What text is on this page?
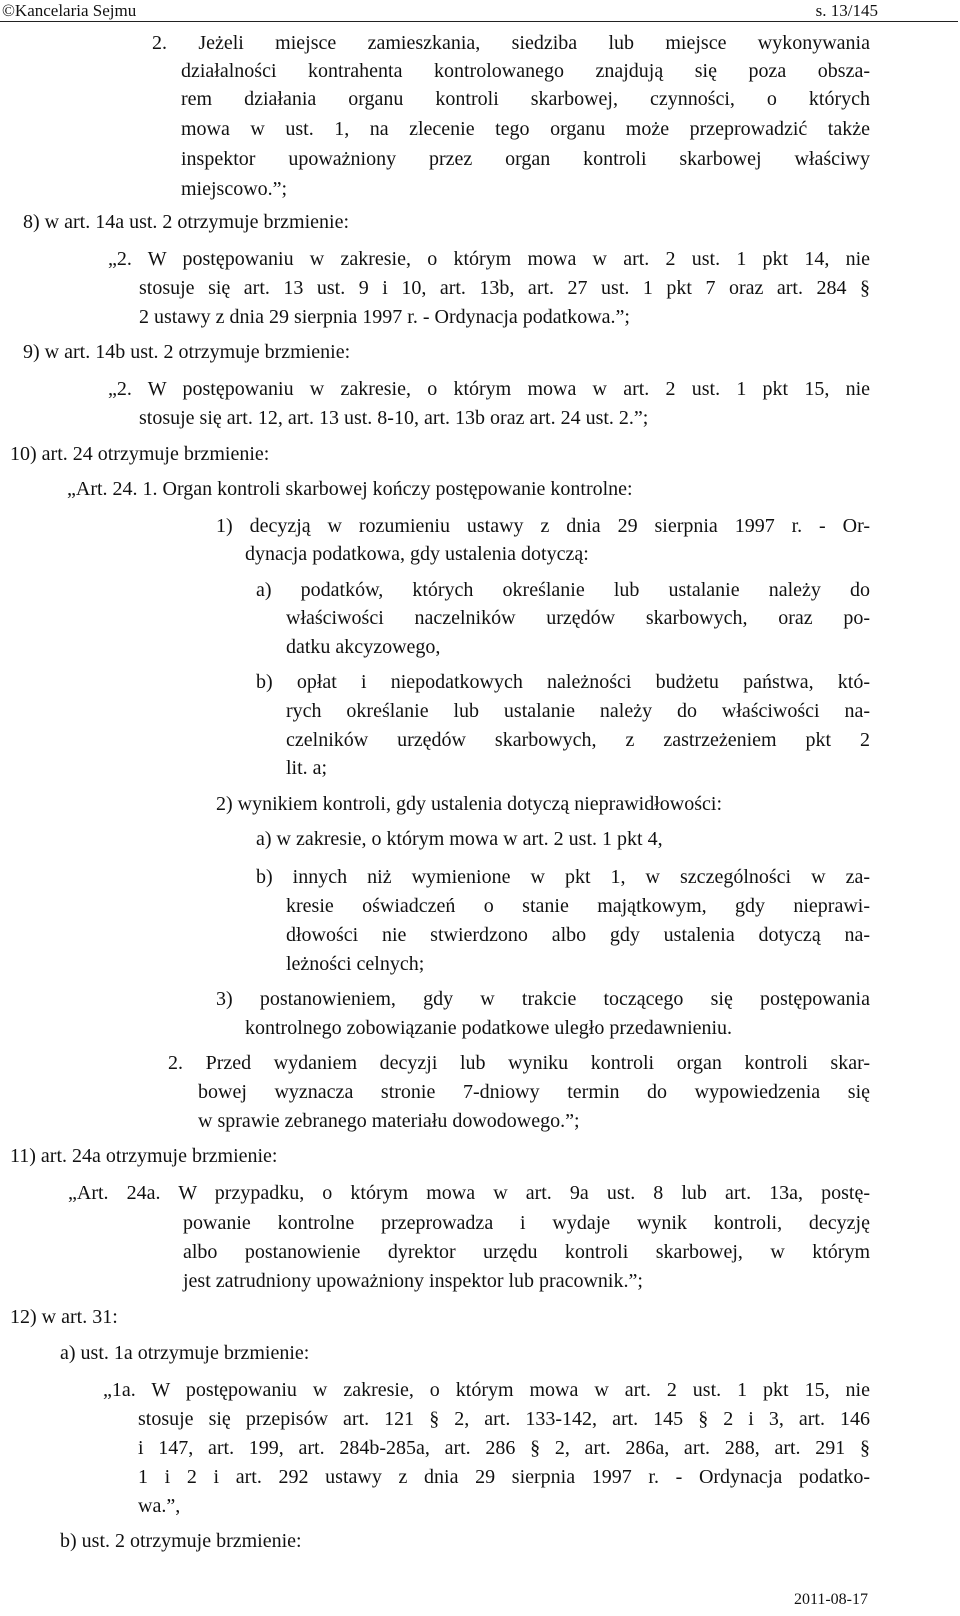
©Kancelaria Sejmu	s. 13/145
2. Jeżeli miejsce zamieszkania, siedziba lub miejsce wykonywania
działalności kontrahenta kontrolowanego znajdują się poza obsza-
rem działania organu kontroli skarbowej, czynności, o których
mowa w ust. 1, na zlecenie tego organu może przeprowadzić także
inspektor upoważniony przez organ kontroli skarbowej właściwy
miejscowo.”;
8) w art. 14a ust. 2 otrzymuje brzmienie:
„2. W postępowaniu w zakresie, o którym mowa w art. 2 ust. 1 pkt 14, nie
stosuje się art. 13 ust. 9 i 10, art. 13b, art. 27 ust. 1 pkt 7 oraz art. 284 §
2 ustawy z dnia 29 sierpnia 1997 r. - Ordynacja podatkowa.”;
9) w art. 14b ust. 2 otrzymuje brzmienie:
„2. W postępowaniu w zakresie, o którym mowa w art. 2 ust. 1 pkt 15, nie
stosuje się art. 12, art. 13 ust. 8-10, art. 13b oraz art. 24 ust. 2.”;
10) art. 24 otrzymuje brzmienie:
„Art. 24. 1. Organ kontroli skarbowej kończy postępowanie kontrolne:
1) decyzją w rozumieniu ustawy z dnia 29 sierpnia 1997 r. - Or-
dynacja podatkowa, gdy ustalenia dotyczą:
a) podatków, których określanie lub ustalanie należy do
właściwości naczelników urzędów skarbowych, oraz po-
datku akcyzowego,
b) opłat i niepodatkowych należności budżetu państwa, któ-
rych określanie lub ustalanie należy do właściwości na-
czelników urzędów skarbowych, z zastrzeżeniem pkt 2
lit. a;
2) wynikiem kontroli, gdy ustalenia dotyczą nieprawidłowości:
a) w zakresie, o którym mowa w art. 2 ust. 1 pkt 4,
b) innych niż wymienione w pkt 1, w szczególności w za-
kresie oświadczeń o stanie majątkowym, gdy nieprawi-
dłowości nie stwierdzono albo gdy ustalenia dotyczą na-
leżności celnych;
3) postanowieniem, gdy w trakcie toczącego się postępowania
kontrolnego zobowiązanie podatkowe uległo przedawnieniu.
2. Przed wydaniem decyzji lub wyniku kontroli organ kontroli skar-
bowej wyznacza stronie 7-dniowy termin do wypowiedzenia się
w sprawie zebranego materiału dowodowego.”;
11) art. 24a otrzymuje brzmienie:
„Art. 24a. W przypadku, o którym mowa w art. 9a ust. 8 lub art. 13a, postę-
powanie kontrolne przeprowadza i wydaje wynik kontroli, decyzję
albo postanowienie dyrektor urzędu kontroli skarbowej, w którym
jest zatrudniony upoważniony inspektor lub pracownik.”;
12) w art. 31:
a) ust. 1a otrzymuje brzmienie:
„1a. W postępowaniu w zakresie, o którym mowa w art. 2 ust. 1 pkt 15, nie
stosuje się przepisów art. 121 § 2, art. 133-142, art. 145 § 2 i 3, art. 146
i 147, art. 199, art. 284b-285a, art. 286 § 2, art. 286a, art. 288, art. 291 §
1 i 2 i art. 292 ustawy z dnia 29 sierpnia 1997 r. - Ordynacja podatko-
wa.”,
b) ust. 2 otrzymuje brzmienie:
2011-08-17
